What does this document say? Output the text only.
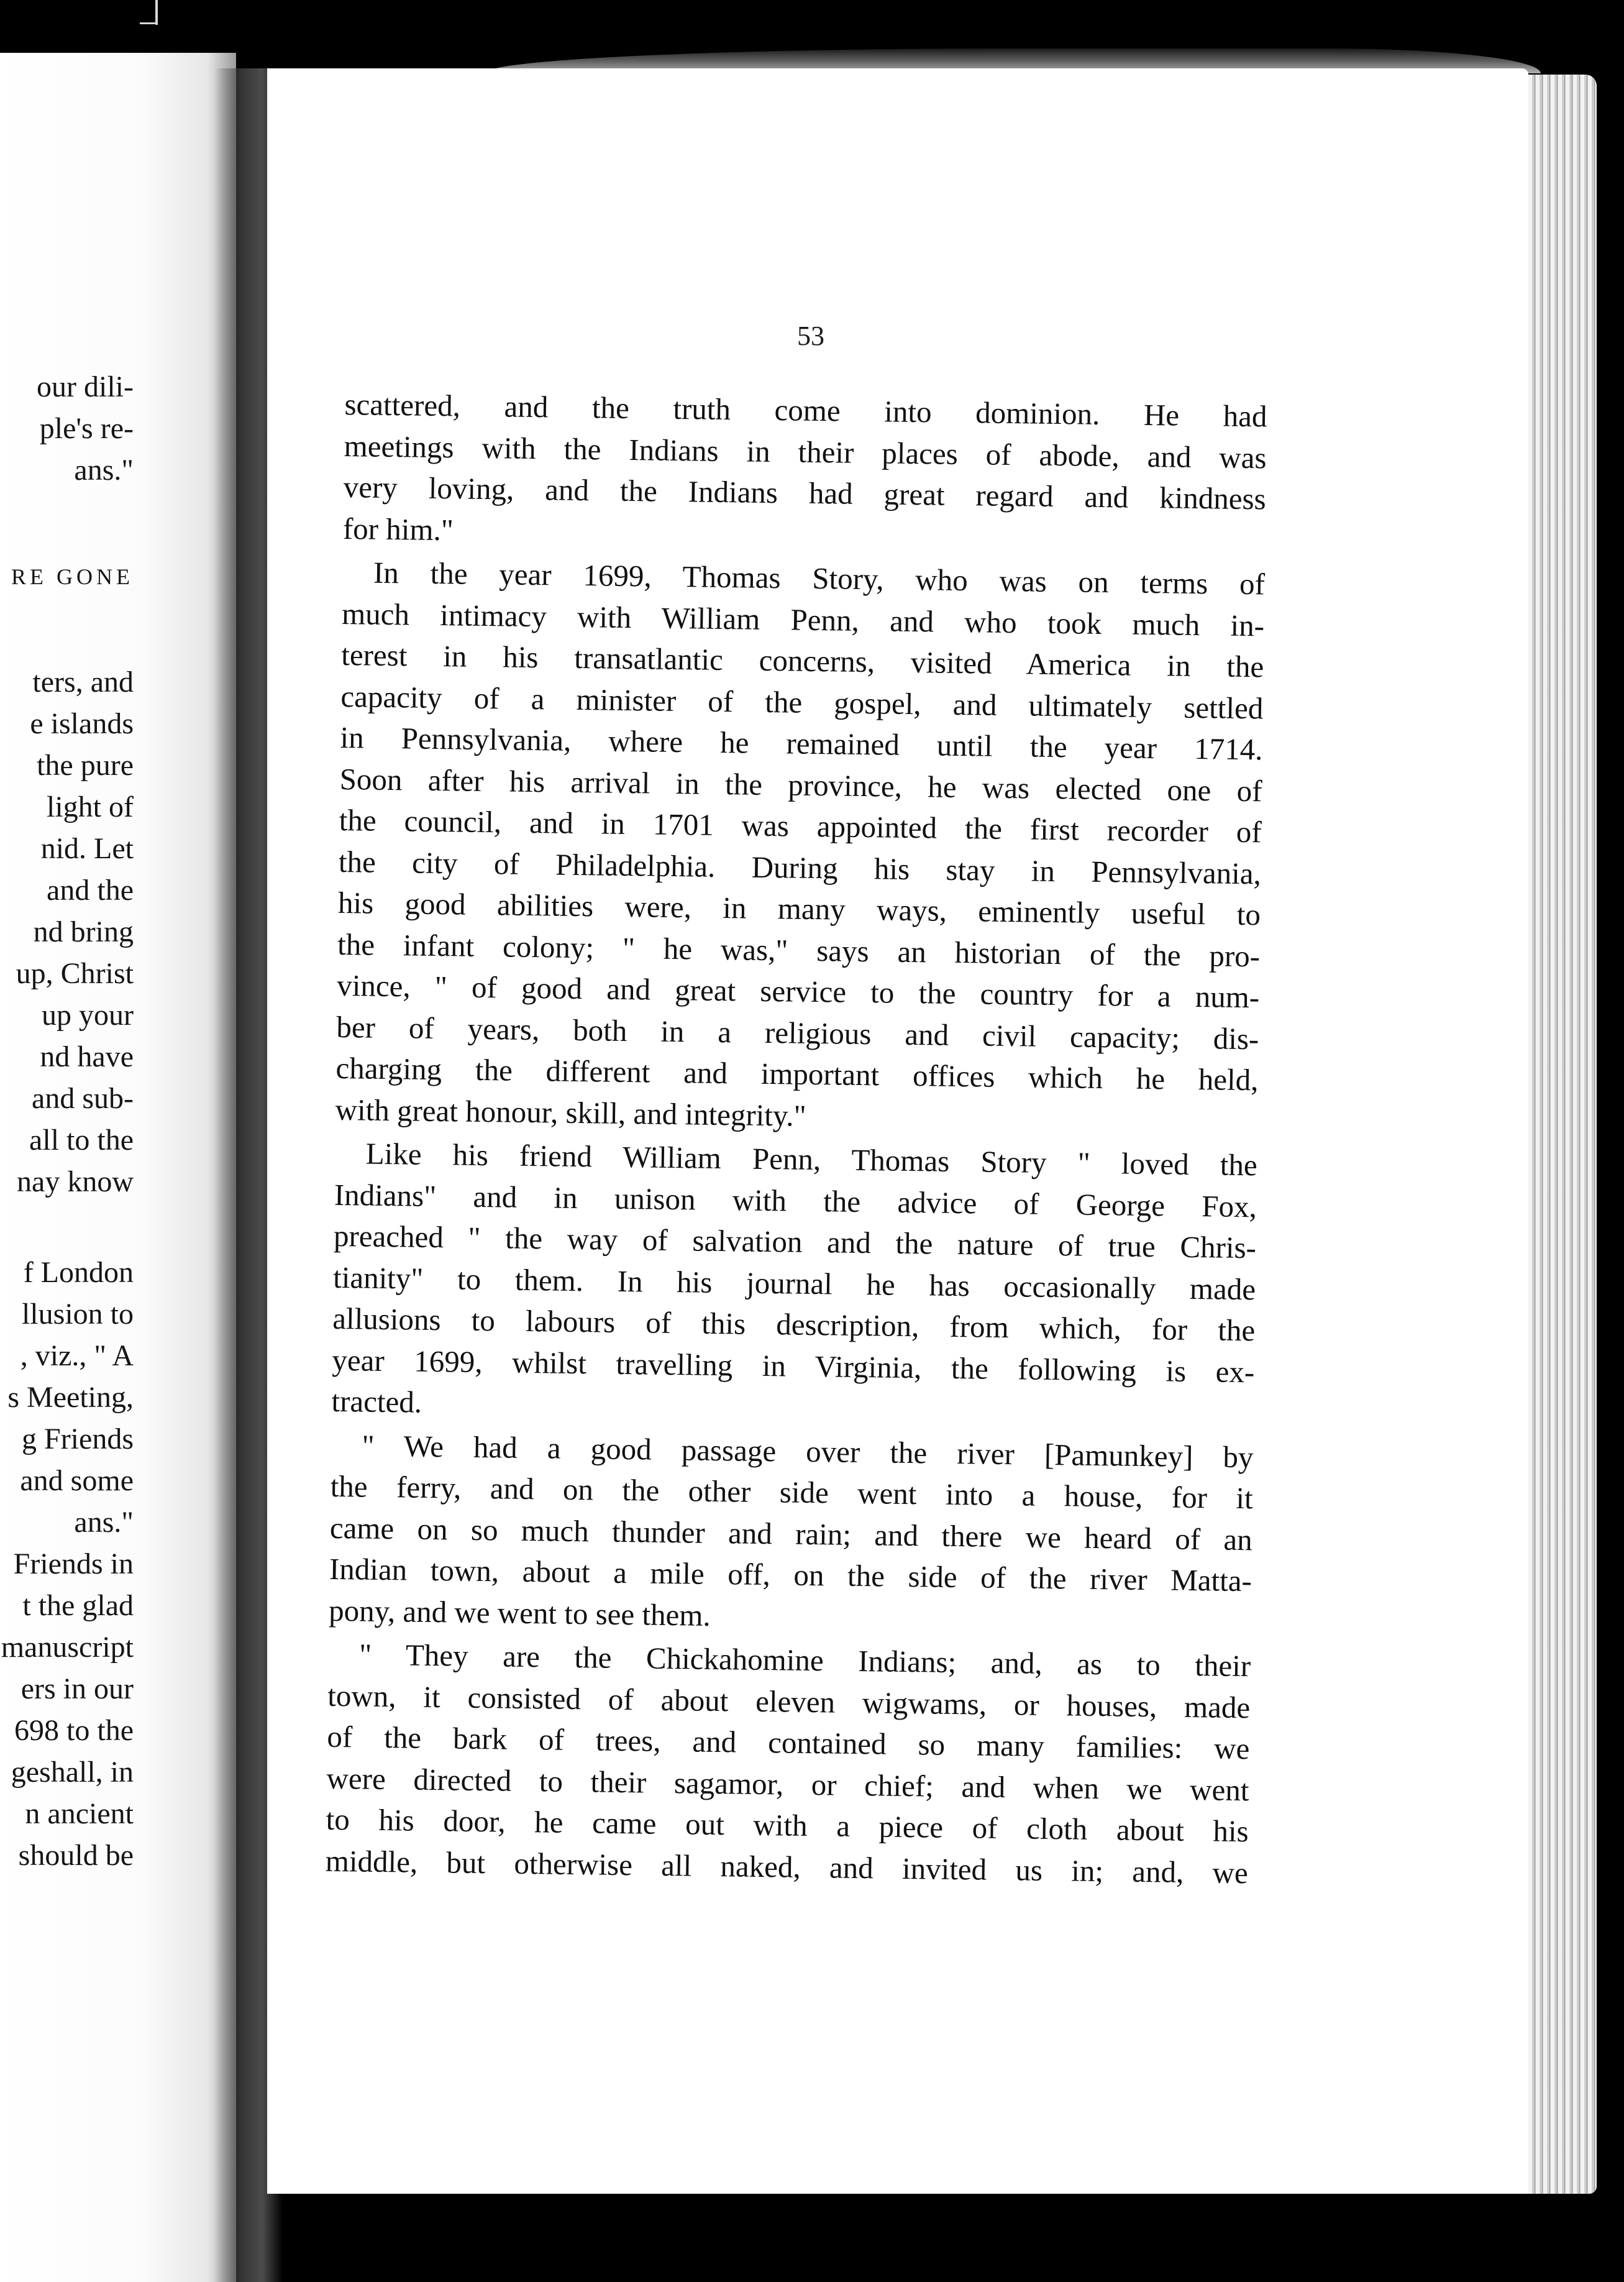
our dili-
ple's re-
ans."
RE GONE
ters, and
e islands
the pure
light of
nid. Let
and the
nd bring
up, Christ
up your
nd have
and sub-
all to the
nay know
f London
llusion to
, viz., " A
s Meeting,
g Friends
and some
ans."
Friends in
t the glad
manuscript
ers in our
698 to the
geshall, in
n ancient
should be
53
scattered, and the truth come into dominion. He had
meetings with the Indians in their places of abode, and was
very loving, and the Indians had great regard and kindness
for him."
In the year 1699, Thomas Story, who was on terms of
much intimacy with William Penn, and who took much in-
terest in his transatlantic concerns, visited America in the
capacity of a minister of the gospel, and ultimately settled
in Pennsylvania, where he remained until the year 1714.
Soon after his arrival in the province, he was elected one of
the council, and in 1701 was appointed the first recorder of
the city of Philadelphia. During his stay in Pennsylvania,
his good abilities were, in many ways, eminently useful to
the infant colony; " he was," says an historian of the pro-
vince, " of good and great service to the country for a num-
ber of years, both in a religious and civil capacity; dis-
charging the different and important offices which he held,
with great honour, skill, and integrity."
Like his friend William Penn, Thomas Story " loved the
Indians" and in unison with the advice of George Fox,
preached " the way of salvation and the nature of true Chris-
tianity" to them. In his journal he has occasionally made
allusions to labours of this description, from which, for the
year 1699, whilst travelling in Virginia, the following is ex-
tracted.
" We had a good passage over the river [Pamunkey] by
the ferry, and on the other side went into a house, for it
came on so much thunder and rain; and there we heard of an
Indian town, about a mile off, on the side of the river Matta-
pony, and we went to see them.
" They are the Chickahomine Indians; and, as to their
town, it consisted of about eleven wigwams, or houses, made
of the bark of trees, and contained so many families: we
were directed to their sagamor, or chief; and when we went
to his door, he came out with a piece of cloth about his
middle, but otherwise all naked, and invited us in; and, we
